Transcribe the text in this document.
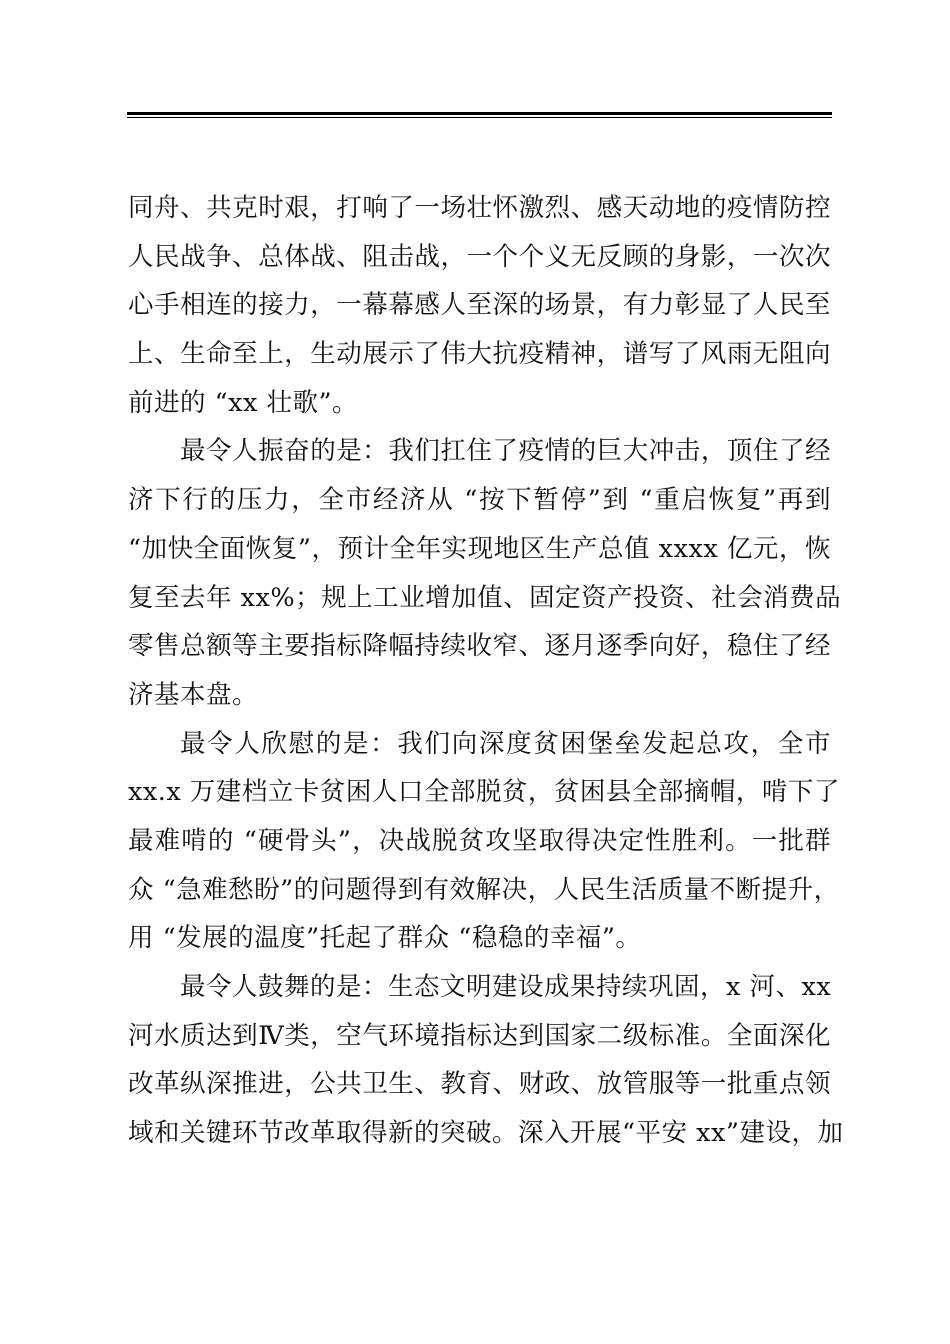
同舟、共克时艰，打响了一场壮怀激烈、感天动地的疫情防控
人民战争、总体战、阻击战，一个个义无反顾的身影，一次次
心手相连的接力，一幕幕感人至深的场景，有力彰显了人民至
上、生命至上，生动展示了伟大抗疫精神，谱写了风雨无阻向
前进的 “xx 壮歌”。
最令人振奋的是：我们扛住了疫情的巨大冲击，顶住了经
济下行的压力，全市经济从 “按下暂停”到 “重启恢复”再到
“加快全面恢复”，预计全年实现地区生产总值 xxxx 亿元，恢
复至去年 xx%；规上工业增加值、固定资产投资、社会消费品
零售总额等主要指标降幅持续收窄、逐月逐季向好，稳住了经
济基本盘。
最令人欣慰的是：我们向深度贫困堡垒发起总攻，全市
xx.x 万建档立卡贫困人口全部脱贫，贫困县全部摘帽，啃下了
最难啃的 “硬骨头”，决战脱贫攻坚取得决定性胜利。一批群
众 “急难愁盼”的问题得到有效解决，人民生活质量不断提升，
用 “发展的温度”托起了群众 “稳稳的幸福”。
最令人鼓舞的是：生态文明建设成果持续巩固，x 河、xx
河水质达到Ⅳ类，空气环境指标达到国家二级标准。全面深化
改革纵深推进，公共卫生、教育、财政、放管服等一批重点领
域和关键环节改革取得新的突破。深入开展“平安 xx”建设，加
